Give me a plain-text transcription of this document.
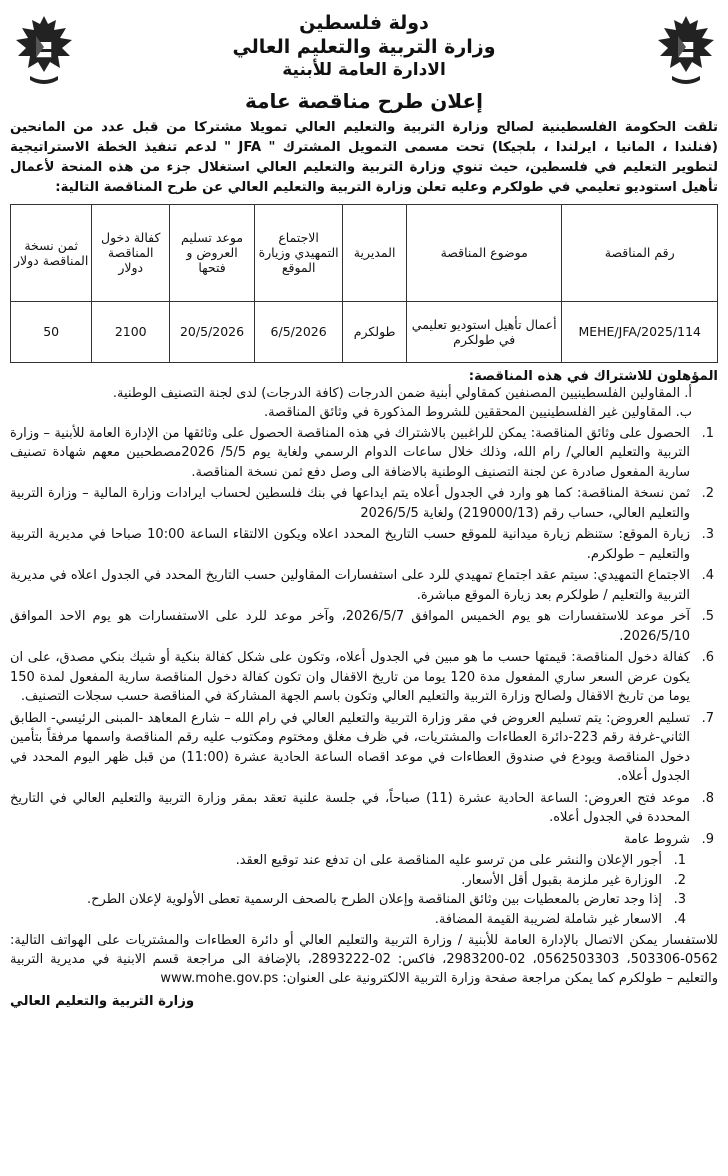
دولة فلسطين
وزارة التربية والتعليم العالي
الادارة العامة للأبنية
إعلان طرح مناقصة عامة
تلقت الحكومة الفلسطينية لصالح وزارة التربية والتعليم العالي تمويلا مشتركا من قبل عدد من المانحين (فنلندا ، المانيا ، ايرلندا ، بلجيكا) تحت مسمى التمويل المشترك " JFA " لدعم تنفيذ الخطة الاستراتيجية لتطوير التعليم في فلسطين، حيث تنوي وزارة التربية والتعليم العالي استغلال جزء من هذه المنحة لأعمال تأهيل استوديو تعليمي في طولكرم وعليه تعلن وزارة التربية والتعليم العالي عن طرح المناقصة التالية:
رقم المناقصة	موضوع المناقصة	المديرية	الاجتماع التمهيدي وزيارة الموقع	موعد تسليم العروض و فتحها	كفالة دخول المناقصة دولار	ثمن نسخة المناقصة دولار
MEHE/JFA/2025/114	أعمال تأهيل استوديو تعليمي في طولكرم	طولكرم	6/5/2026	20/5/2026	2100	50
المؤهلون للاشتراك في هذه المناقصة:
أ. المقاولين الفلسطينيين المصنفين كمقاولي أبنية ضمن الدرجات (كافة الدرجات) لدى لجنة التصنيف الوطنية.
ب. المقاولين غير الفلسطينيين المحققين للشروط المذكورة في وثائق المناقصة.
1.
الحصول على وثائق المناقصة: يمكن للراغبين بالاشتراك في هذه المناقصة الحصول على وثائقها من الإدارة العامة للأبنية – وزارة التربية والتعليم العالي/ رام الله، وذلك خلال ساعات الدوام الرسمي ولغاية يوم 5/5/ 2026مصطحبين معهم شهادة تصنيف سارية المفعول صادرة عن لجنة التصنيف الوطنية بالاضافة الى وصل دفع ثمن نسخة المناقصة.
2.
ثمن نسخة المناقصة: كما هو وارد في الجدول أعلاه يتم ايداعها في بنك فلسطين لحساب ايرادات وزارة المالية – وزارة التربية والتعليم العالي، حساب رقم (219000/13) ولغاية 2026/5/5
3.
زيارة الموقع: ستنظم زيارة ميدانية للموقع حسب التاريخ المحدد اعلاه ويكون الالتقاء الساعة 10:00 صباحا في مديرية التربية والتعليم – طولكرم.
4.
الاجتماع التمهيدي: سيتم عقد اجتماع تمهيدي للرد على استفسارات المقاولين حسب التاريخ المحدد في الجدول اعلاه في مديرية التربية والتعليم / طولكرم بعد زيارة الموقع مباشرة.
5.
آخر موعد للاستفسارات هو يوم الخميس الموافق 2026/5/7، وآخر موعد للرد على الاستفسارات هو يوم الاحد الموافق 2026/5/10.
6.
كفالة دخول المناقصة: قيمتها حسب ما هو مبين في الجدول أعلاه، وتكون على شكل كفالة بنكية أو شيك بنكي مصدق، على ان يكون عرض السعر ساري المفعول مدة 120 يوما من تاريخ الاقفال وان تكون كفالة دخول المناقصة سارية المفعول لمدة 150 يوما من تاريخ الاقفال ولصالح وزارة التربية والتعليم العالي وتكون باسم الجهة المشاركة في المناقصة حسب سجلات التصنيف.
7.
تسليم العروض: يتم تسليم العروض في مقر وزارة التربية والتعليم العالي في رام الله – شارع المعاهد -المبنى الرئيسي- الطابق الثاني-غرفة رقم 223-دائرة العطاءات والمشتريات، في ظرف مغلق ومختوم ومكتوب عليه رقم المناقصة واسمها مرفقاً بتأمين دخول المناقصة ويودع في صندوق العطاءات في موعد اقصاه الساعة الحادية عشرة (11:00) من قبل ظهر اليوم المحدد في الجدول أعلاه.
8.
موعد فتح العروض: الساعة الحادية عشرة (11) صباحاً، في جلسة علنية تعقد بمقر وزارة التربية والتعليم العالي في التاريخ المحددة في الجدول أعلاه.
9.
شروط عامة
1.
أجور الإعلان والنشر على من ترسو عليه المناقصة على ان تدفع عند توقيع العقد.
2.
الوزارة غير ملزمة بقبول أقل الأسعار.
3.
إذا وجد تعارض بالمعطيات بين وثائق المناقصة وإعلان الطرح بالصحف الرسمية تعطى الأولوية لإعلان الطرح.
4.
الاسعار غير شاملة لضريبة القيمة المضافة.
للاستفسار يمكن الاتصال بالإدارة العامة للأبنية / وزارة التربية والتعليم العالي أو دائرة العطاءات والمشتريات على الهواتف التالية: 0562-503306، 0562503303، 02-2983200، فاكس: 02-2893222، بالإضافة الى مراجعة قسم الابنية في مديرية التربية والتعليم – طولكرم كما يمكن مراجعة صفحة وزارة التربية الالكترونية على العنوان: www.mohe.gov.ps
وزارة التربية والتعليم العالي
